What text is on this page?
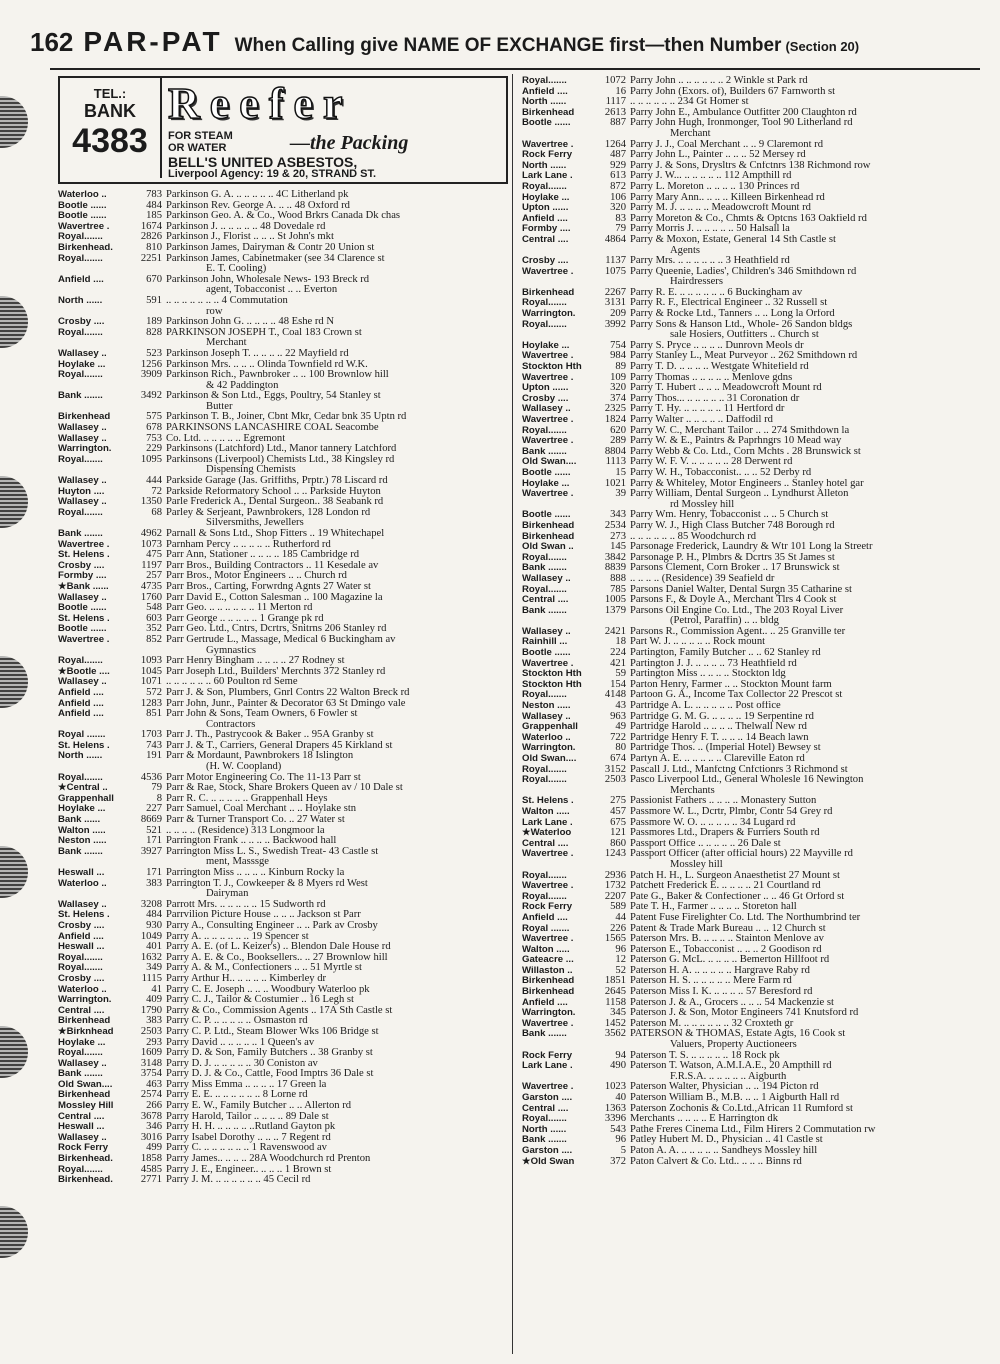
162 PAR-PAT When Calling give NAME OF EXCHANGE first—then Number (Section 20)
TEL.:
BANK
4383
Reefer
FOR STEAM
OR WATER	—the Packing
BELL'S UNITED ASBESTOS,
Liverpool Agency: 19 & 20, STRAND ST.
Waterloo ..	783 Parkinson G. A. .. .. .. .. .. 4C Litherland pk
Bootle ......	484 Parkinson Rev. George A. .. .. 48 Oxford rd
Bootle ......	185 Parkinson Geo. A. & Co., Wood Brkrs Canada Dk chas
Wavertree .	1674 Parkinson J. .. .. .. .. .. 48 Dovedale rd
Royal.......	2826 Parkinson J., Florist .. .. .. St John's mkt
Birkenhead.	810 Parkinson James, Dairyman & Contr 20 Union st
Royal.......	2251 Parkinson James, Cabinetmaker (see 34 Clarence st
E. T. Cooling)
Anfield ....	670 Parkinson John, Wholesale News- 193 Breck rd
agent, Tobacconist .. .. Everton
North ......	591 .. .. .. .. .. .. .. 4 Commutation
row
Crosby ....	189 Parkinson John G. .. .. .. .. 48 Eshe rd N
Royal.......	828 PARKINSON JOSEPH T., Coal 183 Crown st
Merchant
Wallasey ..	523 Parkinson Joseph T. .. .. .. .. 22 Mayfield rd
Hoylake ...	1256 Parkinson Mrs. .. .. .. Olinda Townfield rd W.K.
Royal.......	3909 Parkinson Rich., Pawnbroker .. .. 100 Brownlow hill
& 42 Paddington
Bank .......	3492 Parkinson & Son Ltd., Eggs, Poultry, 54 Stanley st
Butter
Birkenhead	575 Parkinson T. B., Joiner, Cbnt Mkr, Cedar bnk 35 Uptn rd
Wallasey ..	678 PARKINSONS LANCASHIRE COAL Seacombe
Wallasey ..	753 Co. Ltd. .. .. .. .. .. Egremont
Warrington.	229 Parkinsons (Latchford) Ltd., Manor tannery Latchford
Royal.......	1095 Parkinsons (Liverpool) Chemists Ltd., 38 Kingsley rd
Dispensing Chemists
Wallasey ..	444 Parkside Garage (Jas. Griffiths, Prptr.) 78 Liscard rd
Huyton ....	72 Parkside Reformatory School .. .. Parkside Huyton
Wallasey ..	1350 Parle Frederick A., Dental Surgeon.. 38 Seabank rd
Royal.......	68 Parley & Serjeant, Pawnbrokers, 128 London rd
Silversmiths, Jewellers
Bank .......	4962 Parnall & Sons Ltd., Shop Fitters .. 19 Whitechapel
Wavertree .	1073 Parnham Percy .. .. .. .. .. Rutherford rd
St. Helens .	475 Parr Ann, Stationer .. .. .. .. 185 Cambridge rd
Crosby ....	1197 Parr Bros., Building Contractors .. 11 Kesedale av
Formby ....	257 Parr Bros., Motor Engineers .. .. Church rd
★Bank ......	4735 Parr Bros., Carting, Forwrdng Agnts 27 Water st
Wallasey ..	1760 Parr David E., Cotton Salesman .. 100 Magazine la
Bootle ......	548 Parr Geo. .. .. .. .. .. .. 11 Merton rd
St. Helens .	603 Parr George .. .. .. .. .. 1 Grange pk rd
Bootle ......	352 Parr Geo. Ltd., Cntrs, Dcrtrs, Snitrns 206 Stanley rd
Wavertree .	852 Parr Gertrude L., Massage, Medical 6 Buckingham av
Gymnastics
Royal.......	1093 Parr Henry Bingham .. .. .. .. 27 Rodney st
★Bootle ....	1045 Parr Joseph Ltd., Builders' Merchnts 372 Stanley rd
Wallasey ..	1071 .. .. .. .. .. .. 60 Poulton rd Seme
Anfield ....	572 Parr J. & Son, Plumbers, Gnrl Contrs 22 Walton Breck rd
Anfield ....	1283 Parr John, Junr., Painter & Decorator 63 St Dmingo vale
Anfield ....	851 Parr John & Sons, Team Owners, 6 Fowler st
Contractors
Royal .......	1703 Parr J. Th., Pastrycook & Baker .. 95A Granby st
St. Helens .	743 Parr J. & T., Carriers, General Drapers 45 Kirkland st
North ......	191 Parr & Mordaunt, Pawnbrokers 18 Islington
(H. W. Coopland)
Royal.......	4536 Parr Motor Engineering Co. The 11-13 Parr st
★Central ..	79 Parr & Rae, Stock, Share Brokers Queen av / 10 Dale st
Grappenhall	8 Parr R. C. .. .. .. .. .. Grappenhall Heys
Hoylake ...	227 Parr Samuel, Coal Merchant .. .. Hoylake stn
Bank ......	8669 Parr & Turner Transport Co. .. 27 Water st
Walton .....	521 .. .. .. .. (Residence) 313 Longmoor la
Neston .....	171 Parrington Frank .. .. .. .. Backwood hall
Bank .......	3927 Parrington Miss L. S., Swedish Treat- 43 Castle st
ment, Masssge
Heswall ...	171 Parrington Miss .. .. .. .. Kinburn Rocky la
Waterloo ..	383 Parrington T. J., Cowkeeper & 8 Myers rd West
Dairyman
Wallasey ..	3208 Parrott Mrs. .. .. .. .. .. 15 Sudworth rd
St. Helens .	484 Parrvilion Picture House .. .. .. Jackson st Parr
Crosby ....	930 Parry A., Consulting Engineer .. .. Park av Crosby
Anfield ....	1049 Parry A. .. .. .. .. .. .. 19 Spencer st
Heswall ...	401 Parry A. E. (of L. Keizer's) .. Blendon Dale House rd
Royal.......	1632 Parry A. E. & Co., Booksellers.. .. 27 Brownlow hill
Royal.......	349 Parry A. & M., Confectioners .. .. 51 Myrtle st
Crosby ....	1115 Parry Arthur H.. .. .. .. .. Kimberley dr
Waterloo ..	41 Parry C. E. Joseph .. .. .. Woodbury Waterloo pk
Warrington.	409 Parry C. J., Tailor & Costumier .. 16 Legh st
Central ....	1790 Parry & Co., Commission Agents .. 17A Sth Castle st
Birkenhead	383 Parry C. P. .. .. .. .. .. Osmaston rd
★Birknhead	2503 Parry C. P. Ltd., Steam Blower Wks 106 Bridge st
Hoylake ...	293 Parry David .. .. .. .. .. 1 Queen's av
Royal.......	1609 Parry D. & Son, Family Butchers .. 38 Granby st
Wallasey ..	3148 Parry D. J. .. .. .. .. .. 30 Coniston av
Bank .......	3754 Parry D. J. & Co., Cattle, Food Imptrs 36 Dale st
Old Swan....	463 Parry Miss Emma .. .. .. .. 17 Green la
Birkenhead	2574 Parry E. E. .. .. .. .. .. .. 8 Lorne rd
Mossley Hill	266 Parry E. W., Family Butcher .. .. Allerton rd
Central ....	3678 Parry Harold, Tailor .. .. .. .. 89 Dale st
Heswall ...	346 Parry H. H. .. .. .. .. ..Rutland Gayton pk
Wallasey ..	3016 Parry Isabel Dorothy .. .. .. 7 Regent rd
Rock Ferry	499 Parry C. .. .. .. .. .. .. 1 Ravenswood av
Birkenhead.	1858 Parry James.. .. .. .. 28A Woodchurch rd Prenton
Royal.......	4585 Parry J. E., Engineer.. .. .. .. 1 Brown st
Birkenhead.	2771 Parry J. M. .. .. .. .. .. .. 45 Cecil rd
Royal.......	1072 Parry John .. .. .. .. .. .. 2 Winkle st Park rd
Anfield ....	16 Parry John (Exors. of), Builders 67 Farnworth st
North ......	1117 .. .. .. .. .. .. 234 Gt Homer st
Birkenhead	2613 Parry John E., Ambulance Outfitter 200 Claughton rd
Bootle ......	887 Parry John Hugh, Ironmonger, Tool 90 Litherland rd
Merchant
Wavertree .	1264 Parry J. J., Coal Merchant .. .. 9 Claremont rd
Rock Ferry	487 Parry John L., Painter .. .. .. 52 Mersey rd
North ......	929 Parry J. & Sons, Drysltrs & Cnfctnrs 138 Richmond row
Lark Lane .	613 Parry J. W... .. .. .. .. .. 112 Ampthill rd
Royal.......	872 Parry L. Moreton .. .. .. .. 130 Princes rd
Hoylake ...	106 Parry Mary Ann.. .. .. .. Killeen Birkenhead rd
Upton ......	320 Parry M. J. .. .. .. .. Meadowcroft Mount rd
Anfield ....	83 Parry Moreton & Co., Chmts & Optcns 163 Oakfield rd
Formby ....	79 Parry Morris J. .. .. .. .. .. 50 Halsall la
Central ....	4864 Parry & Moxon, Estate, General 14 Sth Castle st
Agents
Crosby ....	1137 Parry Mrs. .. .. .. .. .. .. 3 Heathfield rd
Wavertree .	1075 Parry Queenie, Ladies', Children's 346 Smithdown rd
Hairdressers
Birkenhead	2267 Parry R. E. .. .. .. .. .. .. 6 Buckingham av
Royal.......	3131 Parry R. F., Electrical Engineer .. 32 Russell st
Warrington.	209 Parry & Rocke Ltd., Tanners .. .. Long la Orford
Royal.......	3992 Parry Sons & Hanson Ltd., Whole- 26 Sandon bldgs
sale Hosiers, Outfitters .. Church st
Hoylake ...	754 Parry S. Pryce .. .. .. .. Dunrovn Meols dr
Wavertree .	984 Parry Stanley L., Meat Purveyor .. 262 Smithdown rd
Stockton Hth	89 Parry T. D. .. .. .. .. Westgate Whitefield rd
Wavertree .	109 Parry Thomas .. .. .. .. .. Menlove gdns
Upton ......	320 Parry T. Hubert .. .. .. Meadowcroft Mount rd
Crosby ....	374 Parry Thos... .. .. .. .. .. 31 Coronation dr
Wallasey ..	2325 Parry T. Hy. .. .. .. .. .. 11 Hertford dr
Wavertree .	1824 Parry Walter .. .. .. .. .. Daffodil rd
Royal.......	620 Parry W. C., Merchant Tailor .. .. 274 Smithdown la
Wavertree .	289 Parry W. & E., Paintrs & Paprhngrs 10 Mead way
Bank .......	8804 Parry Webb & Co. Ltd., Corn Mchts . 28 Brunswick st
Old Swan....	1113 Parry W. F. V. .. .. .. .. .. 28 Derwent rd
Bootle ......	15 Parry W. H., Tobacconist.. .. .. 52 Derby rd
Hoylake ...	1021 Parry & Whiteley, Motor Engineers .. Stanley hotel gar
Wavertree .	39 Parry William, Dental Surgeon .. Lyndhurst Alleton
rd Mossley hill
Bootle ......	343 Parry Wm. Henry, Tobacconist .. .. 5 Church st
Birkenhead	2534 Parry W. J., High Class Butcher 748 Borough rd
Birkenhead	273 .. .. .. .. .. .. 85 Woodchurch rd
Old Swan ..	145 Parsonage Frederick, Laundry & Wtr 101 Long la Streetr
Royal.......	3842 Parsonage P. H., Plmbrs & Dcrtrs 35 St James st
Bank .......	8839 Parsons Clement, Corn Broker .. 17 Brunswick st
Wallasey ..	888 .. .. .. .. (Residence) 39 Seafield dr
Royal.......	785 Parsons Daniel Walter, Dental Surgn 35 Catharine st
Central ....	1005 Parsons F., & Doyle A., Merchant Tlrs 4 Cook st
Bank .......	1379 Parsons Oil Engine Co. Ltd., The 203 Royal Liver
(Petrol, Paraffin) .. .. bldg
Wallasey ..	2421 Parsons R., Commission Agent.. .. 25 Granville ter
Rainhill ...	18 Part W. J. .. .. .. .. .. Rock mount
Bootle ......	224 Partington, Family Butcher .. .. 62 Stanley rd
Wavertree .	421 Partington J. J. .. .. .. .. 73 Heathfield rd
Stockton Hth	59 Partington Miss .. .. .. .. Stockton ldg
Stockton Hth	154 Parton Henry, Farmer .. .. Stockton Mount farm
Royal.......	4148 Partoon G. A., Income Tax Collector 22 Prescot st
Neston .....	43 Partridge A. L. .. .. .. .. .. Post office
Wallasey ..	963 Partridge G. M. G. .. .. .. .. 19 Serpentine rd
Grappenhall	49 Partridge Harold .. .. .. .. Thelwall New rd
Waterloo ..	722 Partridge Henry F. T. .. .. .. 14 Beach lawn
Warrington.	80 Partridge Thos. .. (Imperial Hotel) Bewsey st
Old Swan....	674 Partyn A. E. .. .. .. .. .. Clareville Eaton rd
Royal.......	3152 Pascall J. Ltd., Manfctng Cnfctionrs 3 Richmond st
Royal.......	2503 Pasco Liverpool Ltd., General Wholesle 16 Newington
Merchants
St. Helens .	275 Passionist Fathers .. .. .. .. Monastery Sutton
Walton .....	457 Passmore W. L., Dcrtr, Plmbr, Contr 54 Grey rd
Lark Lane .	675 Passmore W. O. .. .. .. .. .. 34 Lugard rd
★Waterloo	121 Passmores Ltd., Drapers & Furriers South rd
Central ....	860 Passport Office .. .. .. .. .. 26 Dale st
Wavertree .	1243 Passport Officer (after official hours) 22 Mayville rd
Mossley hill
Royal.......	2936 Patch H. H., L. Surgeon Anaesthetist 27 Mount st
Wavertree .	1732 Patchett Frederick E. .. .. .. .. 21 Courtland rd
Royal.......	2207 Pate G., Baker & Confectioner .. .. 46 Gt Orford st
Rock Ferry	589 Pate T. H., Farmer .. .. .. .. Storeton hall
Anfield ....	44 Patent Fuse Firelighter Co. Ltd. The Northumbrind ter
Royal .......	226 Patent & Trade Mark Bureau .. .. 12 Church st
Wavertree .	1565 Paterson Mrs. B. .. .. .. .. Stainton Menlove av
Walton .....	96 Paterson E., Tobacconist .. .. .. 2 Goodison rd
Gateacre ...	12 Paterson G. McL. .. .. .. .. Bemerton Hillfoot rd
Willaston ..	52 Paterson H. A. .. .. .. .. .. Hargrave Raby rd
Birkenhead	1851 Paterson H. S. .. .. .. .. .. Mere Farm rd
Birkenhead	2645 Paterson Miss I. K. .. .. .. .. 57 Beresford rd
Anfield ....	1158 Paterson J. & A., Grocers .. .. .. 54 Mackenzie st
Warrington.	345 Paterson J. & Son, Motor Engineers 741 Knutsford rd
Wavertree .	1452 Paterson M. .. .. .. .. .. .. 32 Croxteth gr
Bank .......	3562 PATERSON & THOMAS, Estate Agts, 16 Cook st
Valuers, Property Auctioneers
Rock Ferry	94 Paterson T. S. .. .. .. .. .. 18 Rock pk
Lark Lane .	490 Paterson T. Watson, A.M.I.A.E., 20 Ampthill rd
F.R.S.A. .. .. .. .. .. Aigburth
Wavertree .	1023 Paterson Walter, Physician .. .. 194 Picton rd
Garston ....	40 Paterson William B., M.B. .. .. 1 Aigburth Hall rd
Central ....	1363 Paterson Zochonis & Co.Ltd.,African 11 Rumford st
Royal.......	3396 Merchants .. .. .. .. E Harrington dk
North ......	543 Pathe Freres Cinema Ltd., Film Hirers 2 Commutation rw
Bank .......	96 Patley Hubert M. D., Physician .. 41 Castle st
Garston ....	5 Paton A. A. .. .. .. .. .. Sandheys Mossley hill
★Old Swan	372 Paton Calvert & Co. Ltd.. .. .. .. Binns rd
